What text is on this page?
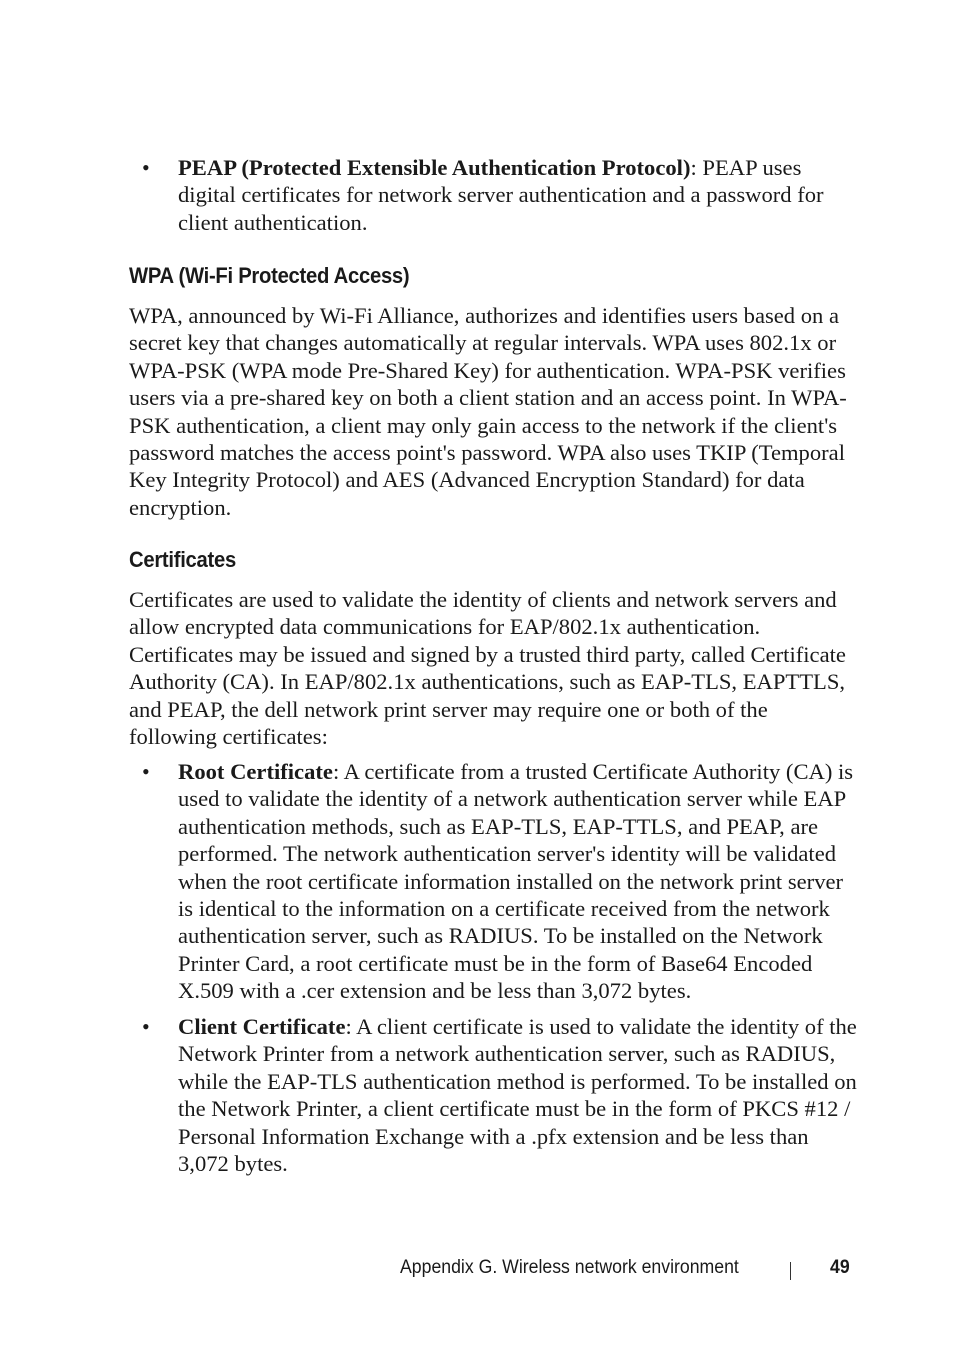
• PEAP (Protected Extensible Authentication Protocol): PEAP uses digital certificates for network server authentication and a password for client authentication.
WPA (Wi-Fi Protected Access)
WPA, announced by Wi-Fi Alliance, authorizes and identifies users based on a secret key that changes automatically at regular intervals. WPA uses 802.1x or WPA-PSK (WPA mode Pre-Shared Key) for authentication. WPA-PSK verifies users via a pre-shared key on both a client station and an access point. In WPA-PSK authentication, a client may only gain access to the network if the client's password matches the access point's password. WPA also uses TKIP (Temporal Key Integrity Protocol) and AES (Advanced Encryption Standard) for data encryption.
Certificates
Certificates are used to validate the identity of clients and network servers and allow encrypted data communications for EAP/802.1x authentication. Certificates may be issued and signed by a trusted third party, called Certificate Authority (CA). In EAP/802.1x authentications, such as EAP-TLS, EAPTTLS, and PEAP, the dell network print server may require one or both of the following certificates:
• Root Certificate: A certificate from a trusted Certificate Authority (CA) is used to validate the identity of a network authentication server while EAP authentication methods, such as EAP-TLS, EAP-TTLS, and PEAP, are performed. The network authentication server's identity will be validated when the root certificate information installed on the network print server is identical to the information on a certificate received from the network authentication server, such as RADIUS. To be installed on the Network Printer Card, a root certificate must be in the form of Base64 Encoded X.509 with a .cer extension and be less than 3,072 bytes.
• Client Certificate: A client certificate is used to validate the identity of the Network Printer from a network authentication server, such as RADIUS, while the EAP-TLS authentication method is performed. To be installed on the Network Printer, a client certificate must be in the form of PKCS #12 / Personal Information Exchange with a .pfx extension and be less than 3,072 bytes.
Appendix G. Wireless network environment	49
